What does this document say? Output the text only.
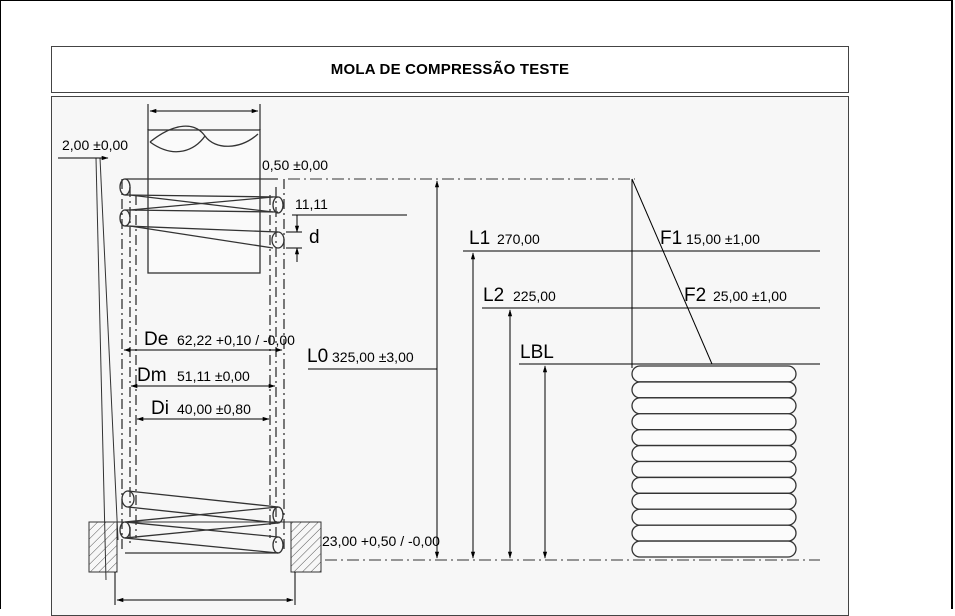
MOLA DE COMPRESSÃO TESTE
2,00 ±0,00
0,50 ±0,00
11,11
d
De 62,22 +0,10 / -0,00
Dm 51,11 ±0,00
Di 40,00 ±0,80
L0 325,00 ±3,00
23,00 +0,50 / -0,00
L1 270,00
L2 225,00
LBL
F1 15,00 ±1,00
F2 25,00 ±1,00
